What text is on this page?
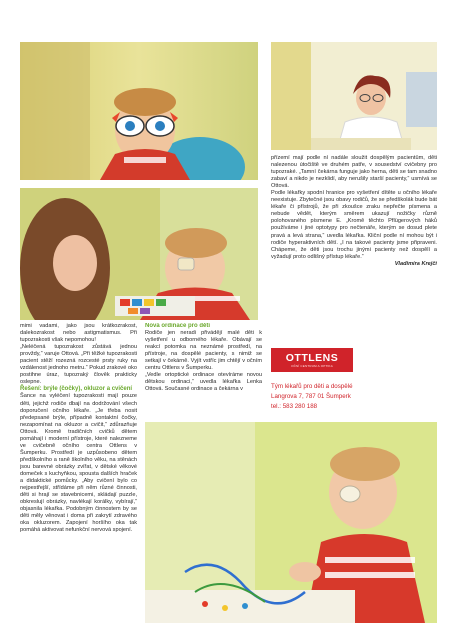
mimi vadami, jako jsou krátkozrakost, dalekozrakost nebo astigmatismus. Při tupozrakosti však nepomohou!

„Neléčená tupozrakost zůstává jednou provždy,“ varuje Ottová. „Při těžké tupozrakosti pacient stěží rozezná rozcesté prsty ruky na vzdálenost jednoho metru.“ Pokud zrakové oko postihne úraz, tupozraký člověk prakticky oslepne.

Řešení: brýle (čočky), okluzor a cvičení

Šance na vyléčení tupozrakosti mají pouze děti, jejichž rodiče dbají na dodržování všech doporučení očního lékaře. „Je třeba nosit předepsané brýle, případně kontaktní čočky, nezapomínat na okluzor a cvičit,“ zdůrazňuje Ottová. Kromě tradičních cvičků dětem pomáhají i moderní přístroje, které nalezneme ve cvičebně očního centra Ottlens v Šumperku. Prostředí je uzpůsobeno dětem předškolního a raně školního věku, na stěnách jsou barevné obrázky zvířat, v dětské věkové domeček s kuchyňkou, spousta dalších hraček a didaktické pomůcky. „Aby cvičení bylo co nejpestřejší, střídáme při něm různé činnosti, děti si hrají se stavebnicemi, skládají puzzle, obkreslují obrázky, navlékají korálky, vybírají,“ objasnila lékařka. Podobným činnostem by se děti měly věnovat i doma při zakrytí zdravého oka okluzorem. Zapojení horšího oka tak pomáhá aktivovat nefunkční nervová spojení.

Nová ordinace pro děti

Rodiče jen neradi přivádějí malé děti k vyšetření u odborného lékaře. Obávají se reakcí potomka na neznámé prostředí, na přístroje, na dospělé pacienty, s nimiž se setkají v čekárně. Vyjít vstříc jim chtějí v očním centru Ottlens v Šumperku.

„Vedle ortoptické ordinace otevíráme novou dětskou ordinaci,“ uvedla lékařka Lenka Ottová. Současné ordinace a čekárna v

přízemí mají podle ní nadále sloužit dospělým pacientům, děti nalezenou útočiště ve druhém patře, v sousedství cvičebny pro tupozraké. „Tamní čekárna funguje jako herna, děti se tam snadno zabaví a nikdo je nezklidí, aby nerušily starší pacienty,“ usmívá se Ottová.

Podle lékařky spodní hranice pro vyšetření dítěte u očního lékaře neexistuje. Zbytečné jsou obavy rodičů, že se předškolák bude bát lékaře či přístrojů, že při zkoušce zraku nepřečte písmena a nebude vědět, kterým směrem ukazují nožičky různě polohovaného písmene E. „Kromě těchto Pflügerových háků používáme i jiné optotypy pro nečtenáře, kterým se dosud plete pravá a levá strana,“ uvedla lékařka. Kliční podle ní mohou být i rodiče hyperaktivních dětí. „I na takové pacienty jsme připraveni. Chápeme, že děti jsou trochu jinými pacienty než dospělí a vyžadují proto odlišný přístup lékaře.“

Vladimíra Krejčí

OTTLENS
OČNÍ CENTRUM A OPTIKA
Tým lékařů pro děti a dospělé
Langrova 7, 787 01 Šumperk
tel.: 583 280 188
